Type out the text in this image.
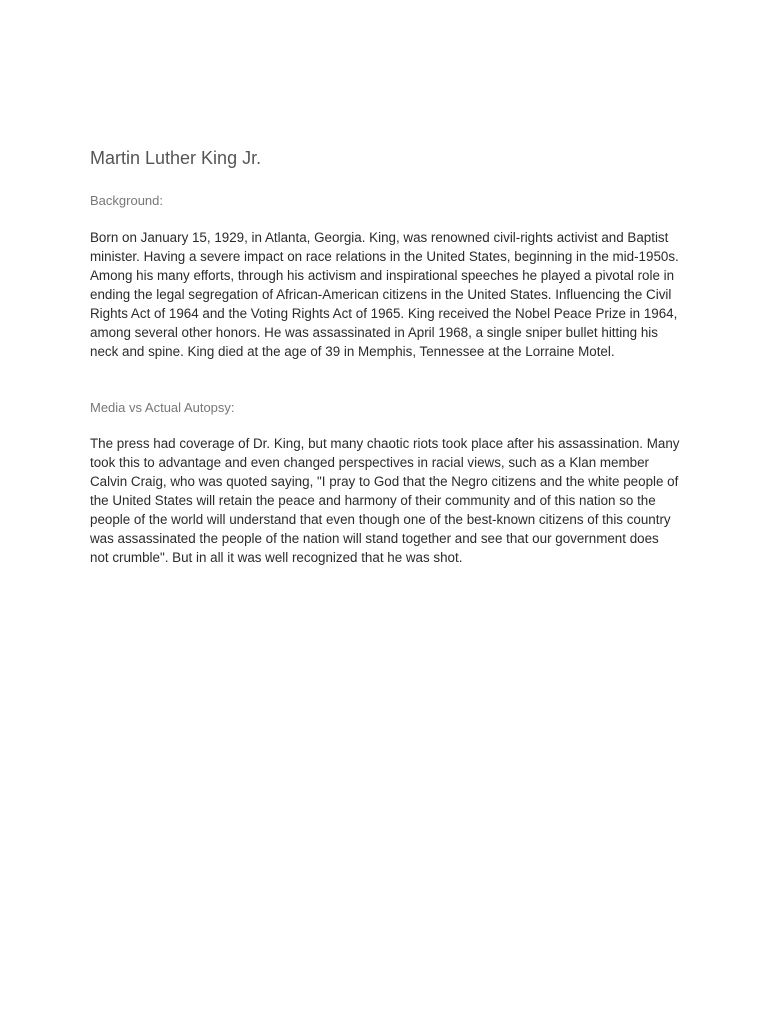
Martin Luther King Jr.
Background:

Born on January 15, 1929, in Atlanta, Georgia. King, was renowned civil-rights activist and Baptist minister. Having a severe impact on race relations in the United States, beginning in the mid-1950s. Among his many efforts, through his activism and inspirational speeches he played a pivotal role in ending the legal segregation of African-American citizens in the United States. Influencing the Civil Rights Act of 1964 and the Voting Rights Act of 1965. King received the Nobel Peace Prize in 1964, among several other honors. He was assassinated in April 1968, a single sniper bullet hitting his neck and spine. King died at the age of 39 in Memphis, Tennessee at the Lorraine Motel.

Media vs Actual Autopsy:

The press had coverage of Dr. King, but many chaotic riots took place after his assassination. Many took this to advantage and even changed perspectives in racial views, such as a Klan member Calvin Craig, who was quoted saying, "I pray to God that the Negro citizens and the white people of the United States will retain the peace and harmony of their community and of this nation so the people of the world will understand that even though one of the best-known citizens of this country was assassinated the people of the nation will stand together and see that our government does not crumble". But in all it was well recognized that he was shot.
